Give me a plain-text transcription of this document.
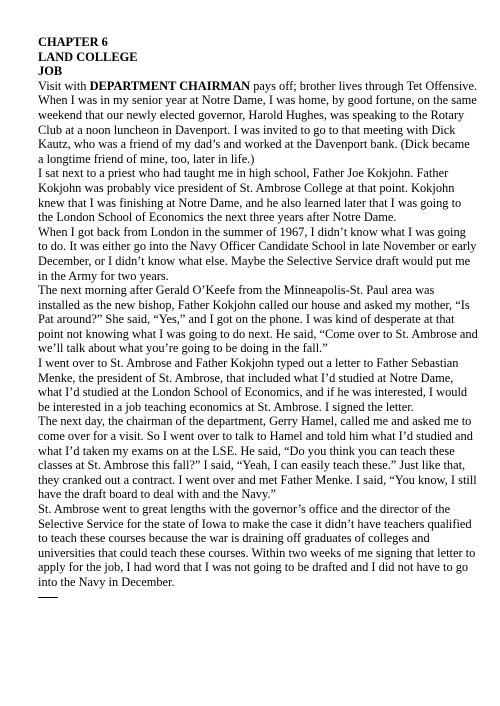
CHAPTER 6
LAND COLLEGE
JOB
Visit with DEPARTMENT CHAIRMAN pays off; brother lives through Tet Offensive.
When I was in my senior year at Notre Dame, I was home, by good fortune, on the same weekend that our newly elected governor, Harold Hughes, was speaking to the Rotary Club at a noon luncheon in Davenport. I was invited to go to that meeting with Dick Kautz, who was a friend of my dad’s and worked at the Davenport bank. (Dick became a longtime friend of mine, too, later in life.)
I sat next to a priest who had taught me in high school, Father Joe Kokjohn. Father Kokjohn was probably vice president of St. Ambrose College at that point. Kokjohn knew that I was finishing at Notre Dame, and he also learned later that I was going to the London School of Economics the next three years after Notre Dame.
When I got back from London in the summer of 1967, I didn’t know what I was going to do. It was either go into the Navy Officer Candidate School in late November or early December, or I didn’t know what else. Maybe the Selective Service draft would put me in the Army for two years.
The next morning after Gerald O’Keefe from the Minneapolis-St. Paul area was installed as the new bishop, Father Kokjohn called our house and asked my mother, “Is Pat around?” She said, “Yes,” and I got on the phone. I was kind of desperate at that point not knowing what I was going to do next. He said, “Come over to St. Ambrose and we’ll talk about what you’re going to be doing in the fall.”
I went over to St. Ambrose and Father Kokjohn typed out a letter to Father Sebastian Menke, the president of St. Ambrose, that included what I’d studied at Notre Dame, what I’d studied at the London School of Economics, and if he was interested, I would be interested in a job teaching economics at St. Ambrose. I signed the letter.
The next day, the chairman of the department, Gerry Hamel, called me and asked me to come over for a visit. So I went over to talk to Hamel and told him what I’d studied and what I’d taken my exams on at the LSE. He said, “Do you think you can teach these classes at St. Ambrose this fall?” I said, “Yeah, I can easily teach these.” Just like that, they cranked out a contract. I went over and met Father Menke. I said, “You know, I still have the draft board to deal with and the Navy.”
St. Ambrose went to great lengths with the governor’s office and the director of the Selective Service for the state of Iowa to make the case it didn’t have teachers qualified to teach these courses because the war is draining off graduates of colleges and universities that could teach these courses. Within two weeks of me signing that letter to apply for the job, I had word that I was not going to be drafted and I did not have to go into the Navy in December.
